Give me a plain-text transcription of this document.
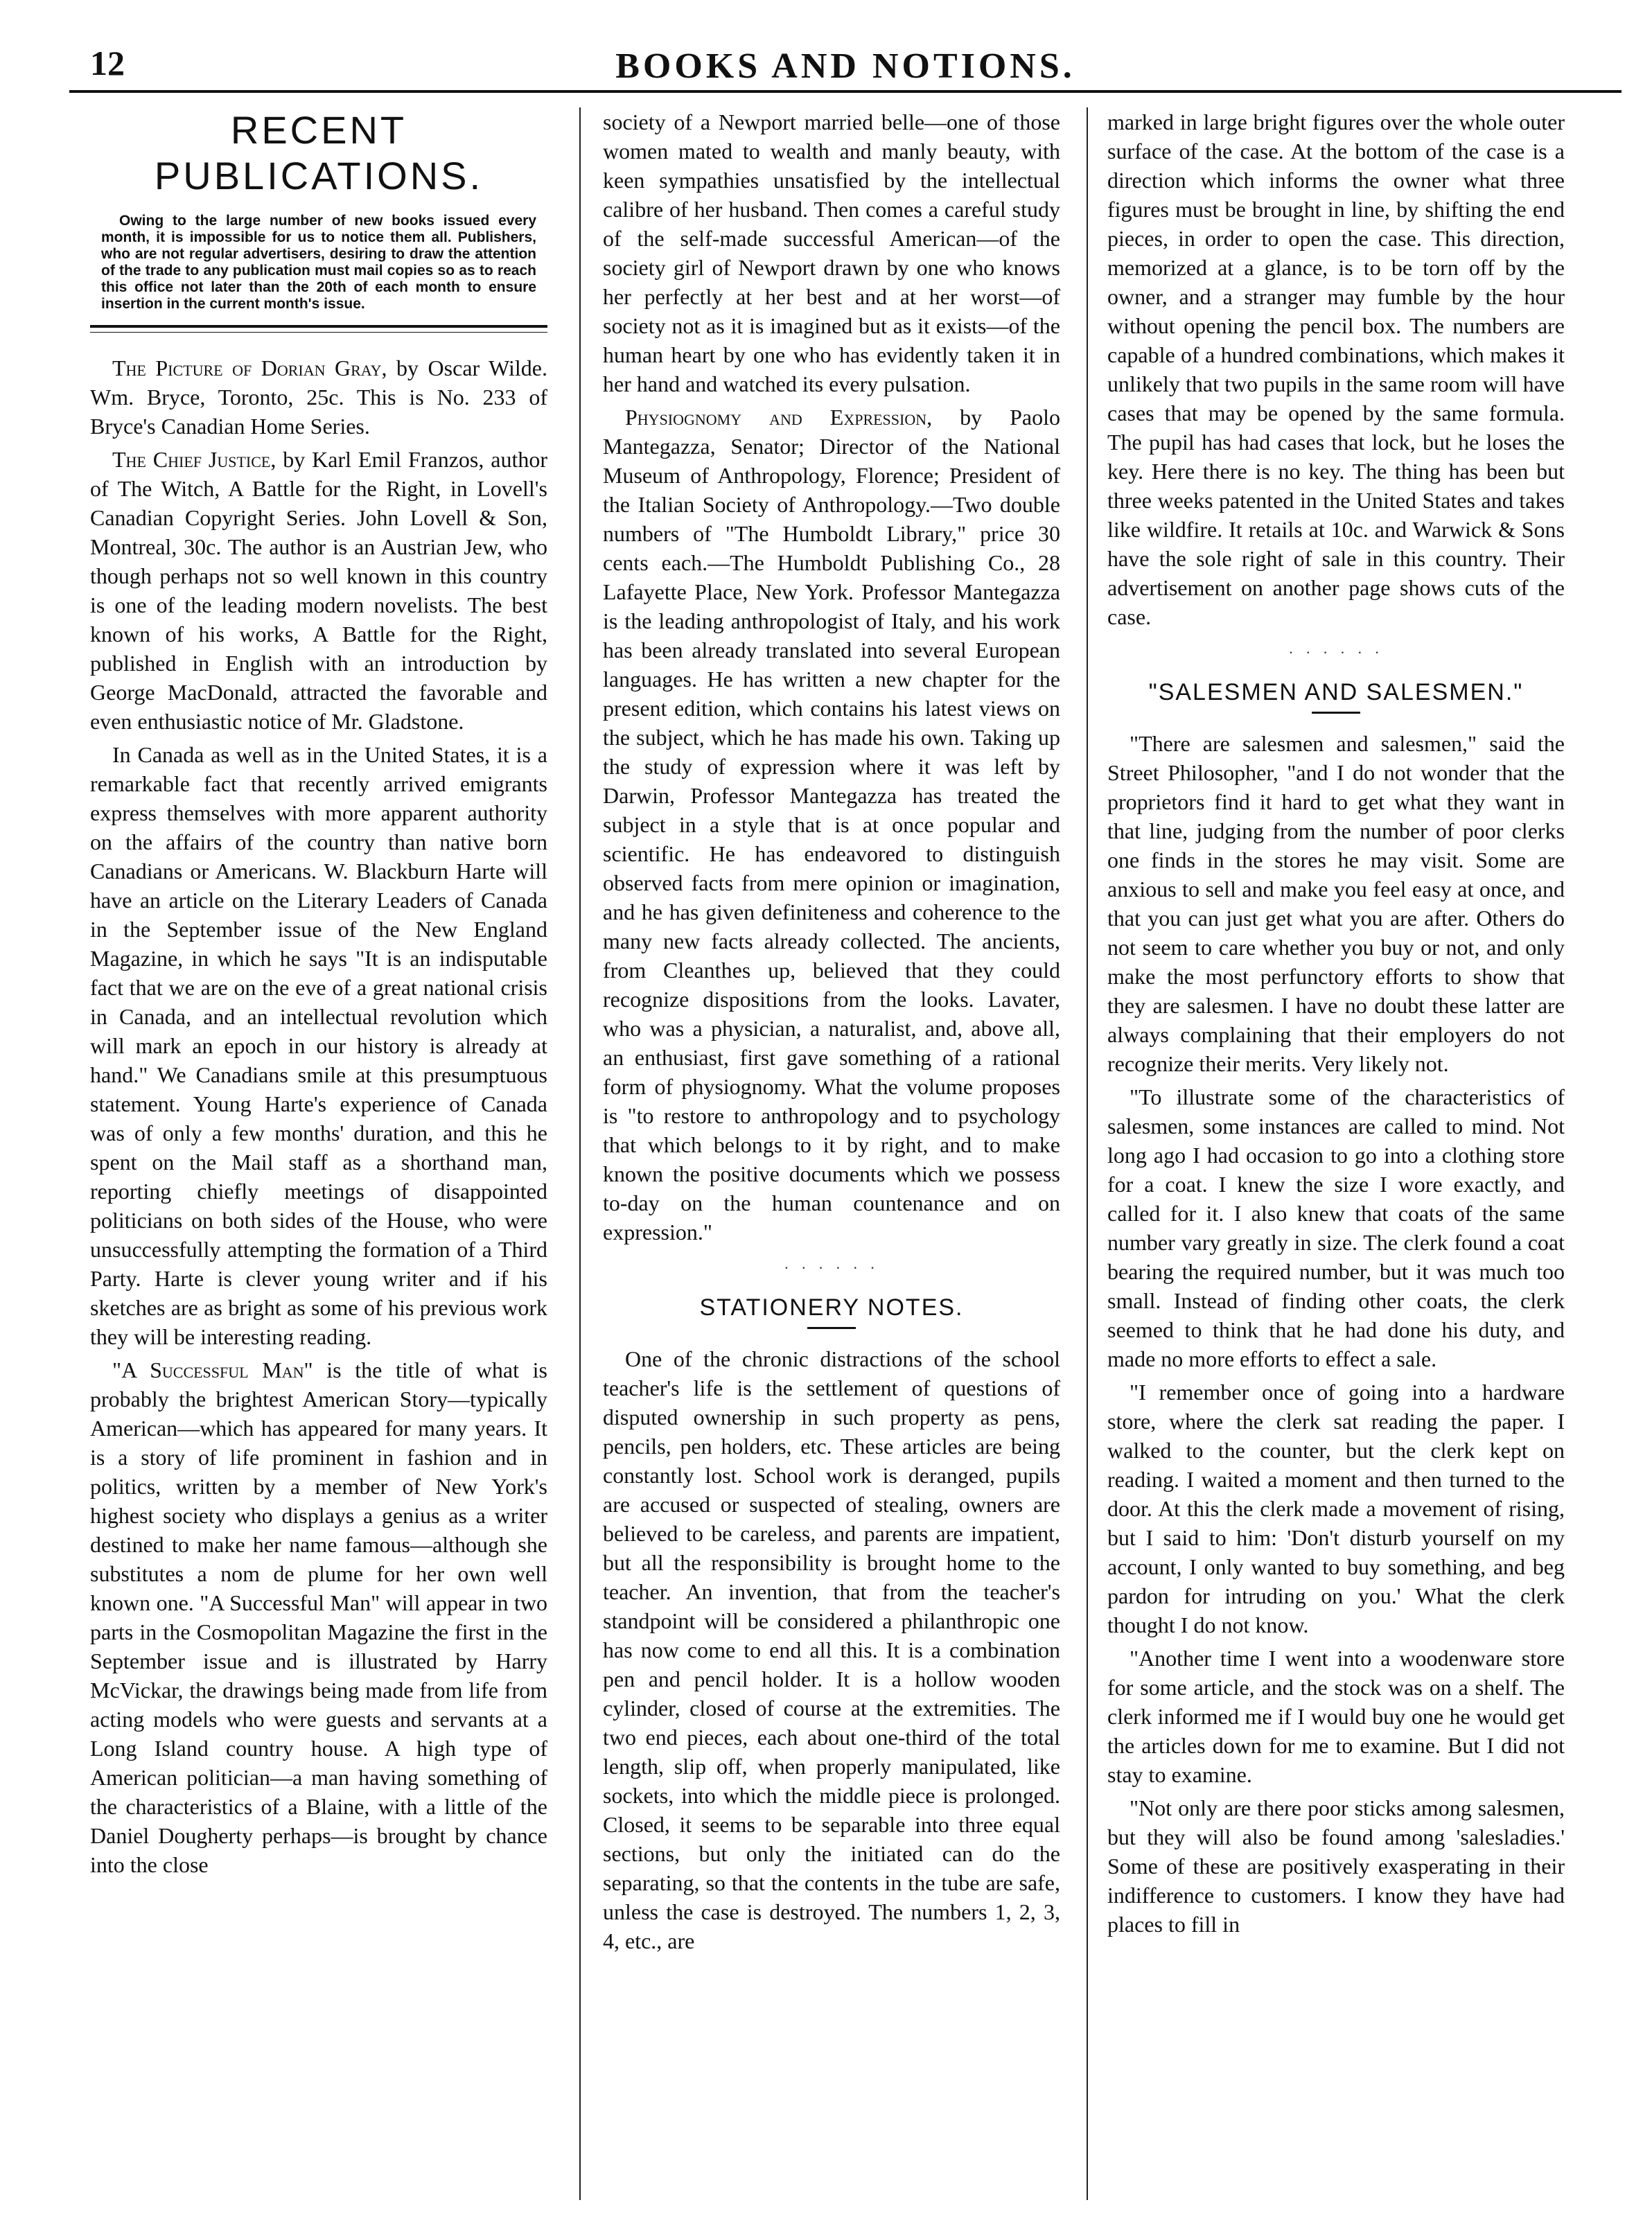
12	BOOKS AND NOTIONS.
RECENT PUBLICATIONS.
Owing to the large number of new books issued every month, it is impossible for us to notice them all. Publishers, who are not regular advertisers, desiring to draw the attention of the trade to any publication must mail copies so as to reach this office not later than the 20th of each month to ensure insertion in the current month's issue.

The Picture of Dorian Gray, by Oscar Wilde. Wm. Bryce, Toronto, 25c. This is No. 233 of Bryce's Canadian Home Series.

The Chief Justice, by Karl Emil Franzos, author of The Witch, A Battle for the Right, in Lovell's Canadian Copyright Series. John Lovell & Son, Montreal, 30c. The author is an Austrian Jew, who though perhaps not so well known in this country is one of the leading modern novelists. The best known of his works, A Battle for the Right, published in English with an introduction by George MacDonald, attracted the favorable and even enthusiastic notice of Mr. Gladstone.

In Canada as well as in the United States, it is a remarkable fact that recently arrived emigrants express themselves with more apparent authority on the affairs of the country than native born Canadians or Americans. W. Blackburn Harte will have an article on the Literary Leaders of Canada in the September issue of the New England Magazine, in which he says "It is an indisputable fact that we are on the eve of a great national crisis in Canada, and an intellectual revolution which will mark an epoch in our history is already at hand." We Canadians smile at this presumptuous statement. Young Harte's experience of Canada was of only a few months' duration, and this he spent on the Mail staff as a shorthand man, reporting chiefly meetings of disappointed politicians on both sides of the House, who were unsuccessfully attempting the formation of a Third Party. Harte is clever young writer and if his sketches are as bright as some of his previous work they will be interesting reading.

"A Successful Man" is the title of what is probably the brightest American Story—typically American—which has appeared for many years. It is a story of life prominent in fashion and in politics, written by a member of New York's highest society who displays a genius as a writer destined to make her name famous—although she substitutes a nom de plume for her own well known one. "A Successful Man" will appear in two parts in the Cosmopolitan Magazine the first in the September issue and is illustrated by Harry McVickar, the drawings being made from life from acting models who were guests and servants at a Long Island country house. A high type of American politician—a man having something of the characteristics of a Blaine, with a little of the Daniel Dougherty perhaps—is brought by chance into the close

society of a Newport married belle—one of those women mated to wealth and manly beauty, with keen sympathies unsatisfied by the intellectual calibre of her husband. Then comes a careful study of the self-made successful American—of the society girl of Newport drawn by one who knows her perfectly at her best and at her worst—of society not as it is imagined but as it exists—of the human heart by one who has evidently taken it in her hand and watched its every pulsation.

Physiognomy and Expression, by Paolo Mantegazza, Senator; Director of the National Museum of Anthropology, Florence; President of the Italian Society of Anthropology.—Two double numbers of "The Humboldt Library," price 30 cents each.—The Humboldt Publishing Co., 28 Lafayette Place, New York. Professor Mantegazza is the leading anthropologist of Italy, and his work has been already translated into several European languages. He has written a new chapter for the present edition, which contains his latest views on the subject, which he has made his own. Taking up the study of expression where it was left by Darwin, Professor Mantegazza has treated the subject in a style that is at once popular and scientific. He has endeavored to distinguish observed facts from mere opinion or imagination, and he has given definiteness and coherence to the many new facts already collected. The ancients, from Cleanthes up, believed that they could recognize dispositions from the looks. Lavater, who was a physician, a naturalist, and, above all, an enthusiast, first gave something of a rational form of physiognomy. What the volume proposes is "to restore to anthropology and to psychology that which belongs to it by right, and to make known the positive documents which we possess to-day on the human countenance and on expression."

· · · · · ·
STATIONERY NOTES.

One of the chronic distractions of the school teacher's life is the settlement of questions of disputed ownership in such property as pens, pencils, pen holders, etc. These articles are being constantly lost. School work is deranged, pupils are accused or suspected of stealing, owners are believed to be careless, and parents are impatient, but all the responsibility is brought home to the teacher. An invention, that from the teacher's standpoint will be considered a philanthropic one has now come to end all this. It is a combination pen and pencil holder. It is a hollow wooden cylinder, closed of course at the extremities. The two end pieces, each about one-third of the total length, slip off, when properly manipulated, like sockets, into which the middle piece is prolonged. Closed, it seems to be separable into three equal sections, but only the initiated can do the separating, so that the contents in the tube are safe, unless the case is destroyed. The numbers 1, 2, 3, 4, etc., are

marked in large bright figures over the whole outer surface of the case. At the bottom of the case is a direction which informs the owner what three figures must be brought in line, by shifting the end pieces, in order to open the case. This direction, memorized at a glance, is to be torn off by the owner, and a stranger may fumble by the hour without opening the pencil box. The numbers are capable of a hundred combinations, which makes it unlikely that two pupils in the same room will have cases that may be opened by the same formula. The pupil has had cases that lock, but he loses the key. Here there is no key. The thing has been but three weeks patented in the United States and takes like wildfire. It retails at 10c. and Warwick & Sons have the sole right of sale in this country. Their advertisement on another page shows cuts of the case.

· · · · · ·
"SALESMEN AND SALESMEN."

"There are salesmen and salesmen," said the Street Philosopher, "and I do not wonder that the proprietors find it hard to get what they want in that line, judging from the number of poor clerks one finds in the stores he may visit. Some are anxious to sell and make you feel easy at once, and that you can just get what you are after. Others do not seem to care whether you buy or not, and only make the most perfunctory efforts to show that they are salesmen. I have no doubt these latter are always complaining that their employers do not recognize their merits. Very likely not.

"To illustrate some of the characteristics of salesmen, some instances are called to mind. Not long ago I had occasion to go into a clothing store for a coat. I knew the size I wore exactly, and called for it. I also knew that coats of the same number vary greatly in size. The clerk found a coat bearing the required number, but it was much too small. Instead of finding other coats, the clerk seemed to think that he had done his duty, and made no more efforts to effect a sale.

"I remember once of going into a hardware store, where the clerk sat reading the paper. I walked to the counter, but the clerk kept on reading. I waited a moment and then turned to the door. At this the clerk made a movement of rising, but I said to him: 'Don't disturb yourself on my account, I only wanted to buy something, and beg pardon for intruding on you.' What the clerk thought I do not know.

"Another time I went into a woodenware store for some article, and the stock was on a shelf. The clerk informed me if I would buy one he would get the articles down for me to examine. But I did not stay to examine.

"Not only are there poor sticks among salesmen, but they will also be found among 'salesladies.' Some of these are positively exasperating in their indifference to customers. I know they have had places to fill in
